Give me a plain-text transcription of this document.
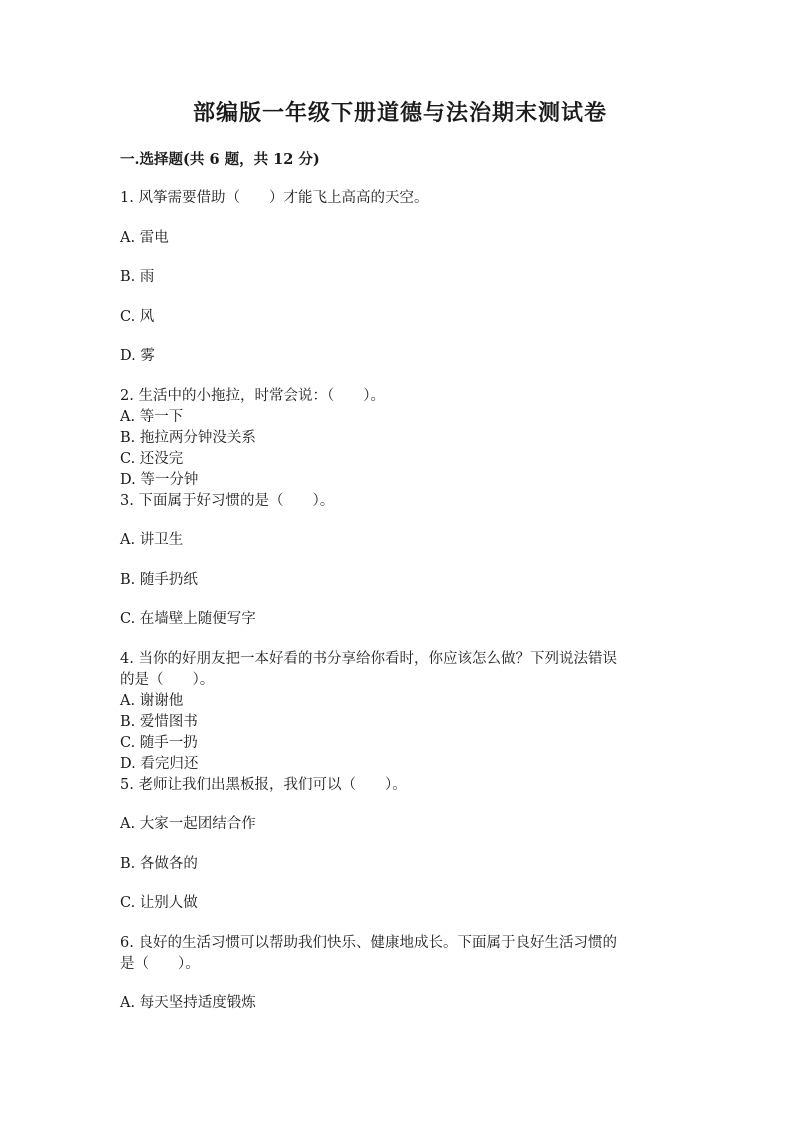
部编版一年级下册道德与法治期末测试卷
一.选择题(共 6 题，共 12 分)
1. 风筝需要借助（　　）才能飞上高高的天空。
A. 雷电
B. 雨
C. 风
D. 雾
2. 生活中的小拖拉，时常会说：（　　）。
A. 等一下
B. 拖拉两分钟没关系
C. 还没完
D. 等一分钟
3. 下面属于好习惯的是（　　）。
A. 讲卫生
B. 随手扔纸
C. 在墙壁上随便写字
4. 当你的好朋友把一本好看的书分享给你看时，你应该怎么做？下列说法错误
的是（　　）。
A. 谢谢他
B. 爱惜图书
C. 随手一扔
D. 看完归还
5. 老师让我们出黑板报，我们可以（　　）。
A. 大家一起团结合作
B. 各做各的
C. 让别人做
6. 良好的生活习惯可以帮助我们快乐、健康地成长。下面属于良好生活习惯的
是（　　）。
A. 每天坚持适度锻炼
